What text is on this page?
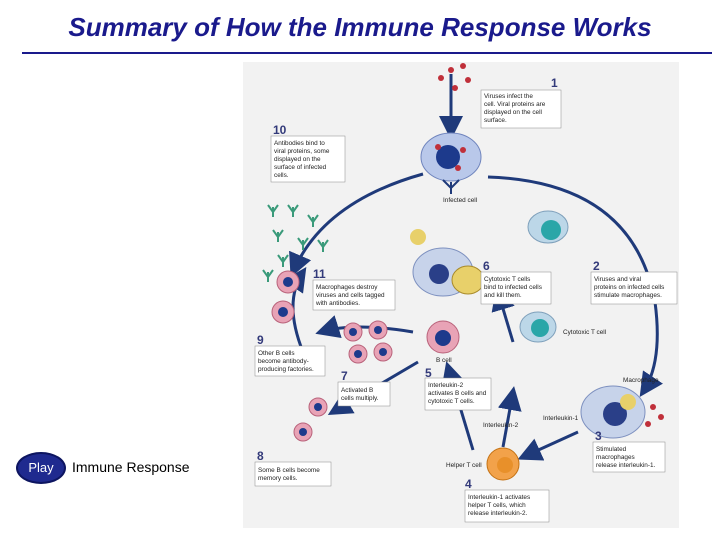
Summary of How the Immune Response Works
Play	Immune Response
1
Viruses infect the
cell. Viral proteins are
displayed on the cell
surface.
2
Viruses and viral
proteins on infected cells
stimulate macrophages.
3
Stimulated
macrophages
release interleukin-1.
4
Interleukin-1 activates
helper T cells, which
release interleukin-2.
5
Interleukin-2
activates B cells and
cytotoxic T cells.
6
Cytotoxic T cells
bind to infected cells
and kill them.
7
Activated B
cells multiply.
8
Some B cells become
memory cells.
9
Other B cells
become antibody-
producing factories.
10
Antibodies bind to
viral proteins, some
displayed on the
surface of infected
cells.
11
Macrophages destroy
viruses and cells tagged
with antibodies.
Infected cell
Cytotoxic T cell
Macrophage
B cell
Helper T cell
Interleukin-1
Interleukin-2
